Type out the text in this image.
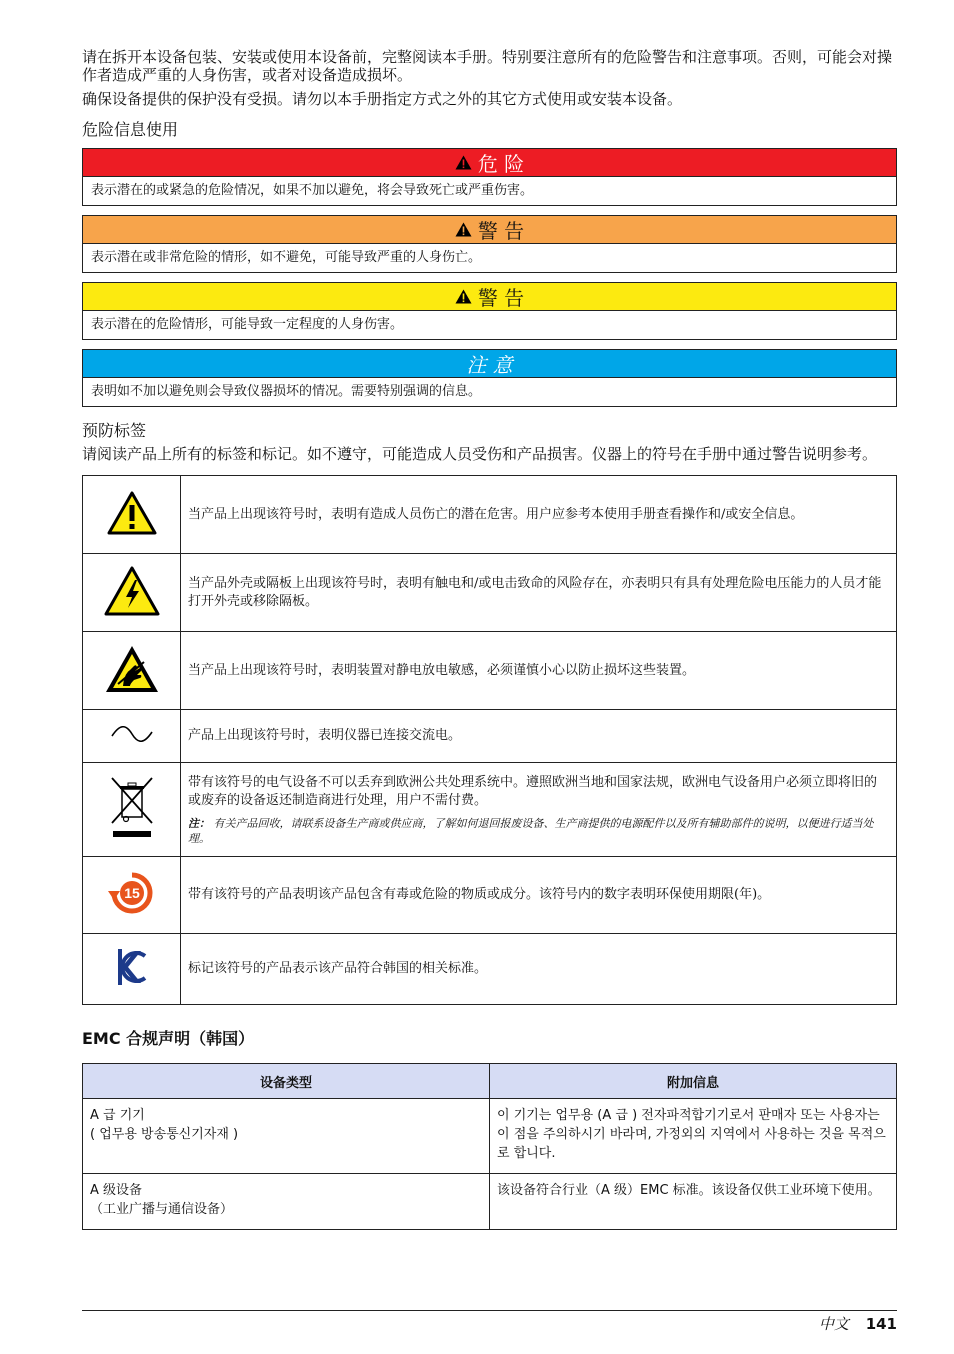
请在拆开本设备包装、安装或使用本设备前，完整阅读本手册。特别要注意所有的危险警告和注意事项。否则，可能会对操作者造成严重的人身伤害，或者对设备造成损坏。

确保设备提供的保护没有受损。请勿以本手册指定方式之外的其它方式使用或安装本设备。

危险信息使用
危 险
表示潜在的或紧急的危险情况，如果不加以避免，将会导致死亡或严重伤害。
警 告
表示潜在或非常危险的情形，如不避免，可能导致严重的人身伤亡。
警 告
表示潜在的危险情形，可能导致一定程度的人身伤害。
注 意
表明如不加以避免则会导致仪器损坏的情况。需要特别强调的信息。
预防标签

请阅读产品上所有的标签和标记。如不遵守，可能造成人员受伤和产品损害。仪器上的符号在手册中通过警告说明参考。

	当产品上出现该符号时，表明有造成人员伤亡的潜在危害。用户应参考本使用手册查看操作和/或安全信息。
	当产品外壳或隔板上出现该符号时，表明有触电和/或电击致命的风险存在，亦表明只有具有处理危险电压能力的人员才能打开外壳或移除隔板。
	当产品上出现该符号时，表明装置对静电放电敏感，必须谨慎小心以防止损坏这些装置。
	产品上出现该符号时，表明仪器已连接交流电。

带有该符号的电气设备不可以丢弃到欧洲公共处理系统中。遵照欧洲当地和国家法规，欧洲电气设备用户必须立即将旧的或废弃的设备返还制造商进行处理，用户不需付费。
注： 有关产品回收，请联系设备生产商或供应商，了解如何退回报废设备、生产商提供的电源配件以及所有辅助部件的说明，以便进行适当处理。

15	带有该符号的产品表明该产品包含有毒或危险的物质或成分。该符号内的数字表明环保使用期限(年)。
	标记该符号的产品表示该产品符合韩国的相关标准。
EMC 合规声明（韩国）
设备类型	附加信息

A 급 기기
( 업무용 방송통신기자재 )	이 기기는 업무용 (A 급 ) 전자파적합기기로서 판매자 또는 사용자는 이 점을 주의하시기 바라며, 가정외의 지역에서 사용하는 것을 목적으로 합니다.

A 级设备
（工业广播与通信设备）	该设备符合行业（A 级）EMC 标准。该设备仅供工业环境下使用。
中文 141
